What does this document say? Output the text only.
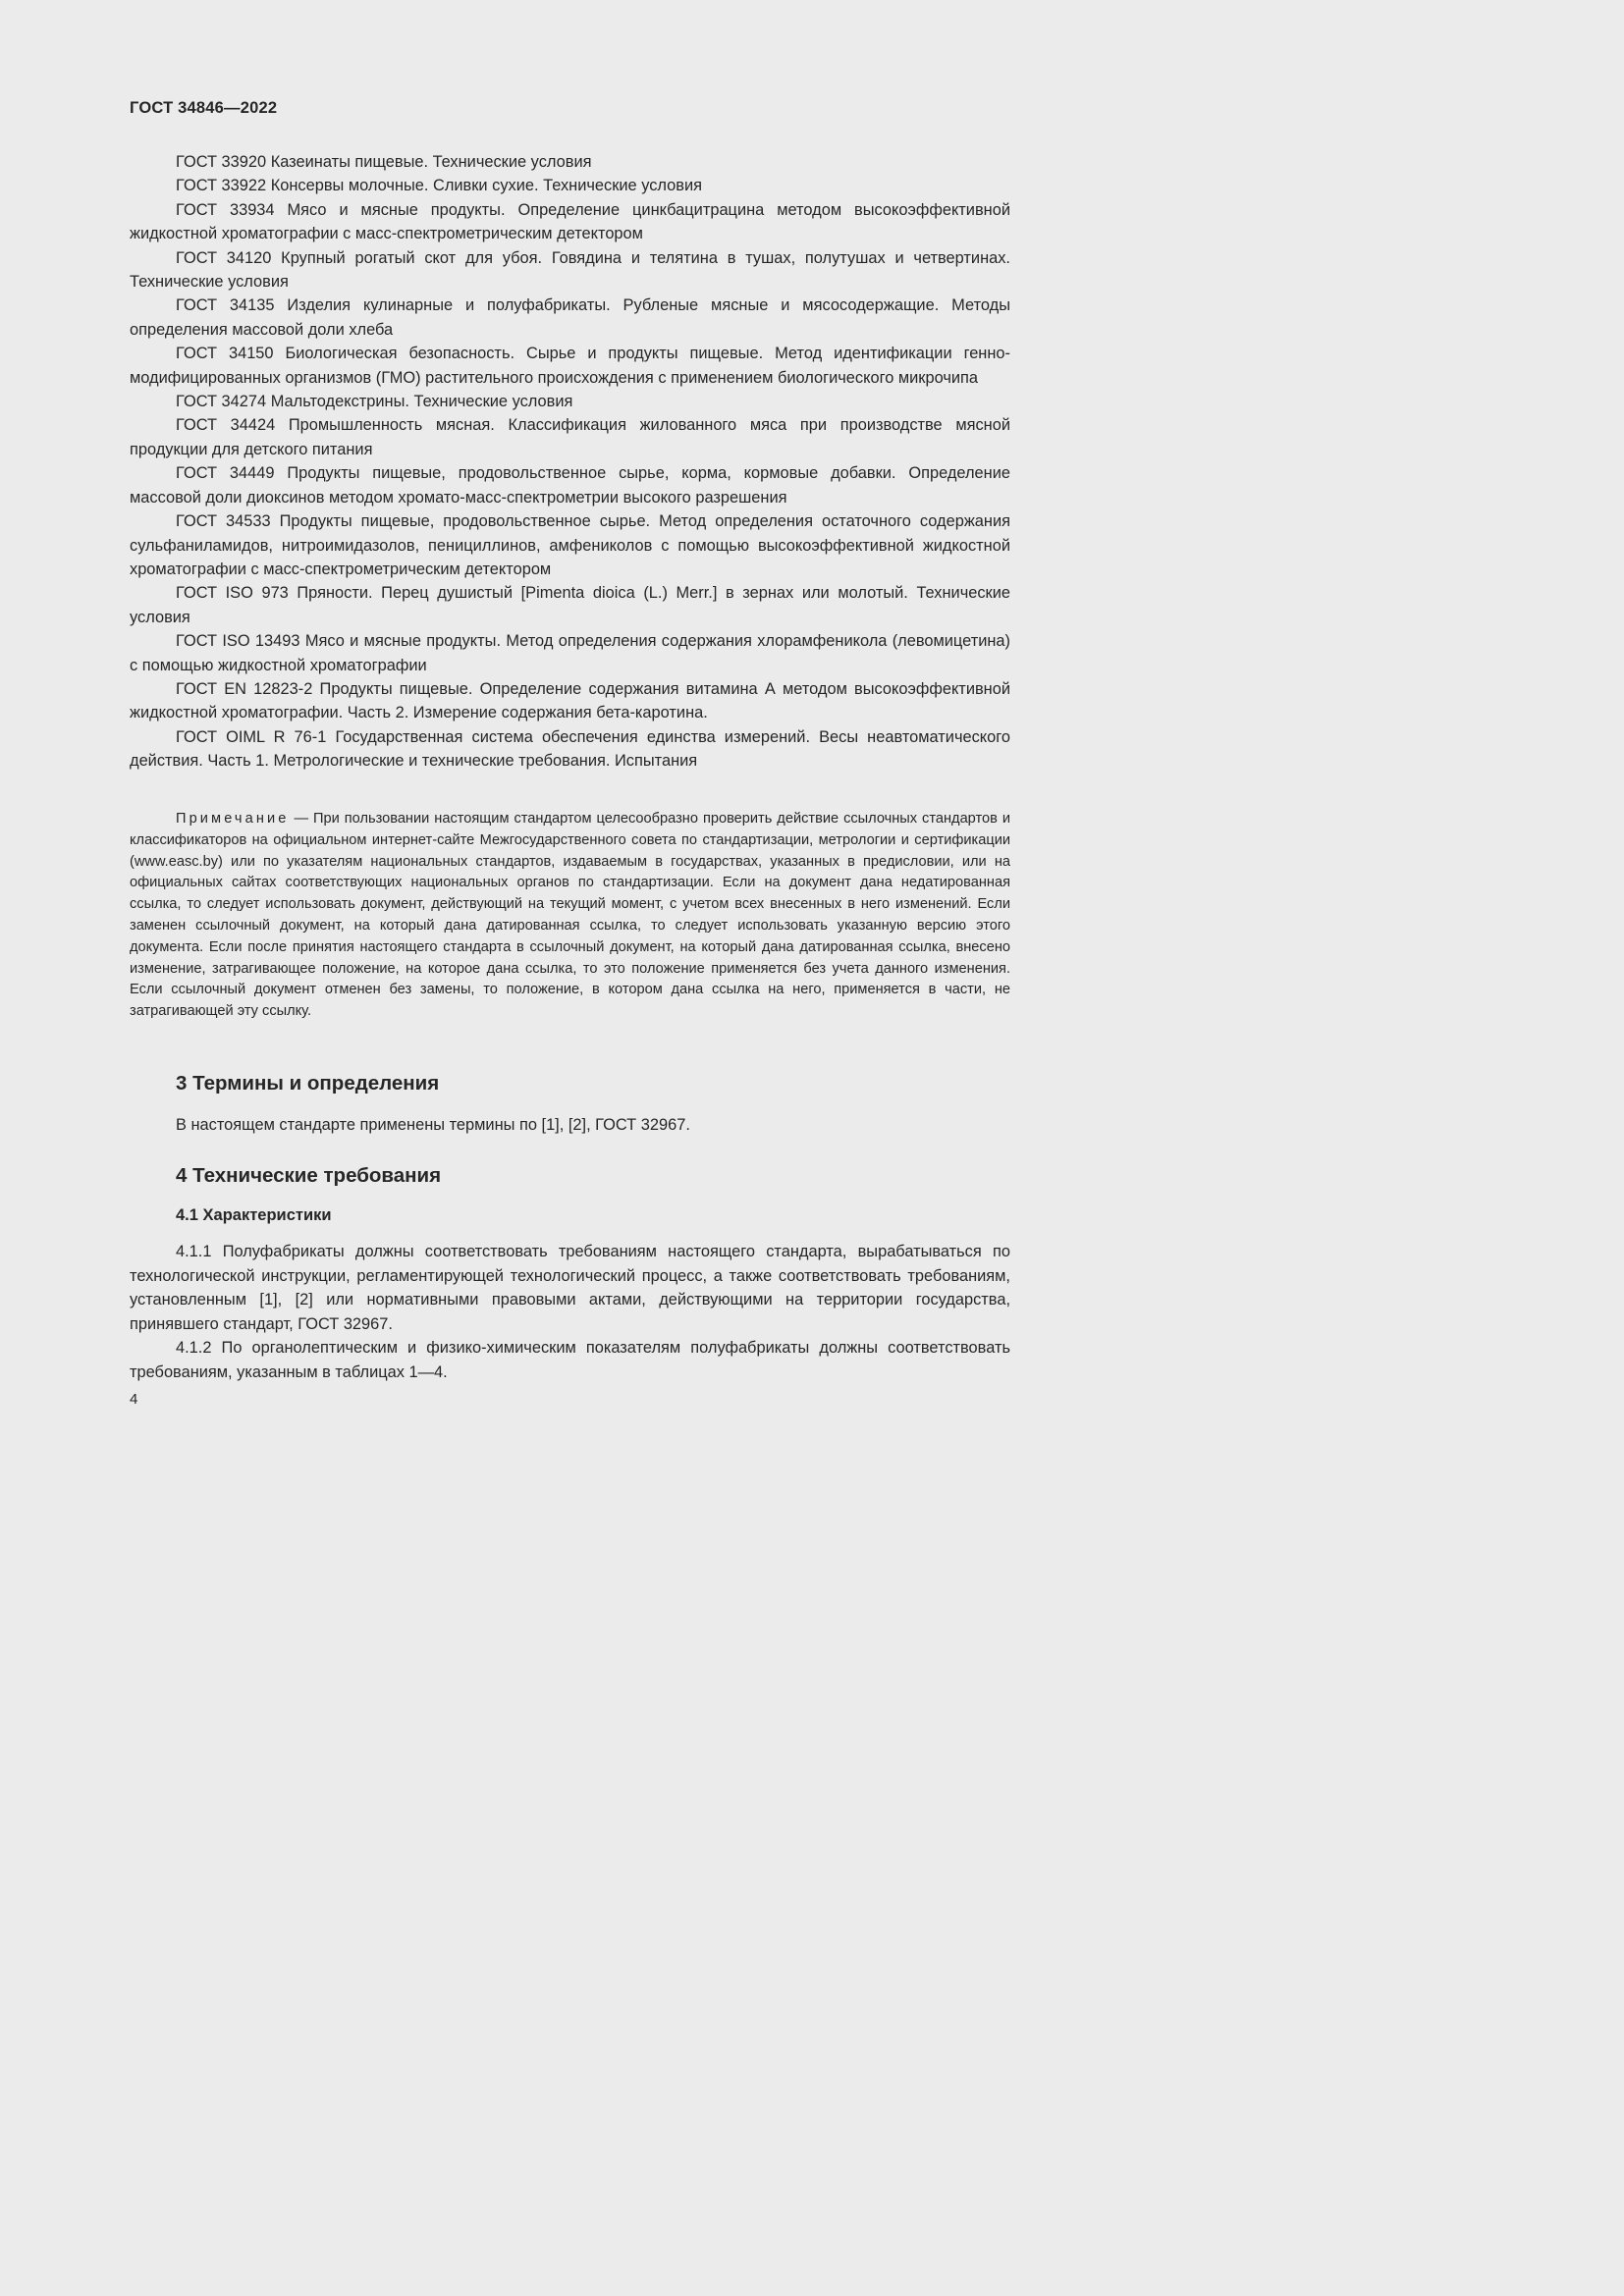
ГОСТ 34846—2022

ГОСТ 33920 Казеинаты пищевые. Технические условия

ГОСТ 33922 Консервы молочные. Сливки сухие. Технические условия

ГОСТ 33934 Мясо и мясные продукты. Определение цинкбацитрацина методом высокоэффективной жидкостной хроматографии с масс-спектрометрическим детектором

ГОСТ 34120 Крупный рогатый скот для убоя. Говядина и телятина в тушах, полутушах и четвертинах. Технические условия

ГОСТ 34135 Изделия кулинарные и полуфабрикаты. Рубленые мясные и мясосодержащие. Методы определения массовой доли хлеба

ГОСТ 34150 Биологическая безопасность. Сырье и продукты пищевые. Метод идентификации генно-модифицированных организмов (ГМО) растительного происхождения с применением биологического микрочипа

ГОСТ 34274 Мальтодекстрины. Технические условия

ГОСТ 34424 Промышленность мясная. Классификация жилованного мяса при производстве мясной продукции для детского питания

ГОСТ 34449 Продукты пищевые, продовольственное сырье, корма, кормовые добавки. Определение массовой доли диоксинов методом хромато-масс-спектрометрии высокого разрешения

ГОСТ 34533 Продукты пищевые, продовольственное сырье. Метод определения остаточного содержания сульфаниламидов, нитроимидазолов, пенициллинов, амфениколов с помощью высокоэффективной жидкостной хроматографии с масс-спектрометрическим детектором

ГОСТ ISO 973 Пряности. Перец душистый [Pimenta dioica (L.) Merr.] в зернах или молотый. Технические условия

ГОСТ ISO 13493 Мясо и мясные продукты. Метод определения содержания хлорамфеникола (левомицетина) с помощью жидкостной хроматографии

ГОСТ EN 12823-2 Продукты пищевые. Определение содержания витамина А методом высокоэффективной жидкостной хроматографии. Часть 2. Измерение содержания бета-каротина.

ГОСТ OIML R 76-1 Государственная система обеспечения единства измерений. Весы неавтоматического действия. Часть 1. Метрологические и технические требования. Испытания

Примечание — При пользовании настоящим стандартом целесообразно проверить действие ссылочных стандартов и классификаторов на официальном интернет-сайте Межгосударственного совета по стандартизации, метрологии и сертификации (www.easc.by) или по указателям национальных стандартов, издаваемым в государствах, указанных в предисловии, или на официальных сайтах соответствующих национальных органов по стандартизации. Если на документ дана недатированная ссылка, то следует использовать документ, действующий на текущий момент, с учетом всех внесенных в него изменений. Если заменен ссылочный документ, на который дана датированная ссылка, то следует использовать указанную версию этого документа. Если после принятия настоящего стандарта в ссылочный документ, на который дана датированная ссылка, внесено изменение, затрагивающее положение, на которое дана ссылка, то это положение применяется без учета данного изменения. Если ссылочный документ отменен без замены, то положение, в котором дана ссылка на него, применяется в части, не затрагивающей эту ссылку.

3 Термины и определения

В настоящем стандарте применены термины по [1], [2], ГОСТ 32967.

4 Технические требования
4.1 Характеристики

4.1.1 Полуфабрикаты должны соответствовать требованиям настоящего стандарта, вырабатываться по технологической инструкции, регламентирующей технологический процесс, а также соответствовать требованиям, установленным [1], [2] или нормативными правовыми актами, действующими на территории государства, принявшего стандарт, ГОСТ 32967.

4.1.2 По органолептическим и физико-химическим показателям полуфабрикаты должны соответствовать требованиям, указанным в таблицах 1—4.

4
